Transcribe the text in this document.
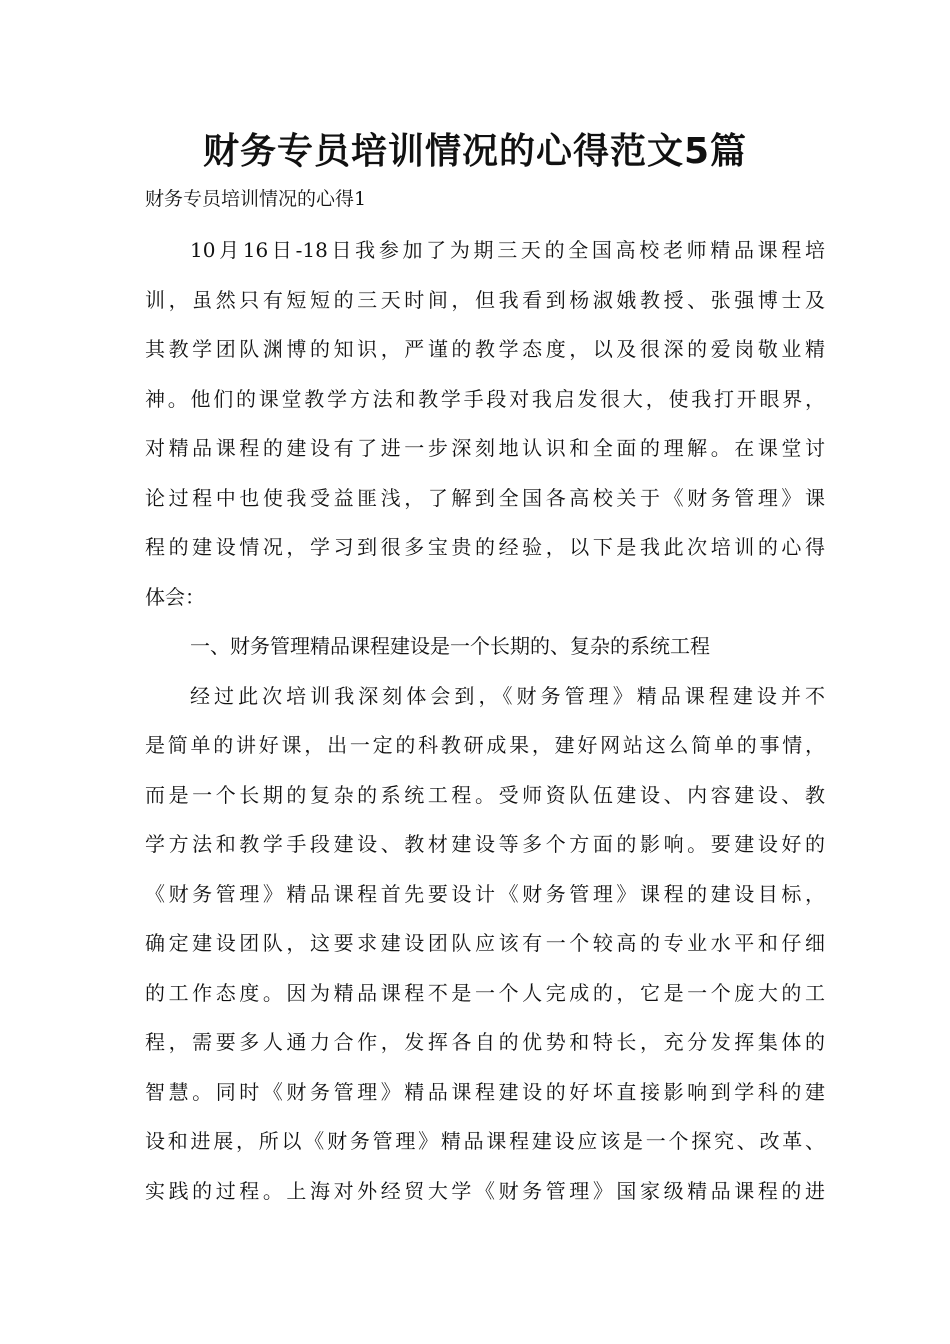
财务专员培训情况的心得范文5篇
财务专员培训情况的心得1
10月16日-18日我参加了为期三天的全国高校老师精品课程培
训，虽然只有短短的三天时间，但我看到杨淑娥教授、张强博士及
其教学团队渊博的知识，严谨的教学态度，以及很深的爱岗敬业精
神。他们的课堂教学方法和教学手段对我启发很大，使我打开眼界，
对精品课程的建设有了进一步深刻地认识和全面的理解。在课堂讨
论过程中也使我受益匪浅，了解到全国各高校关于《财务管理》课
程的建设情况，学习到很多宝贵的经验，以下是我此次培训的心得
体会：
一、财务管理精品课程建设是一个长期的、复杂的系统工程
经过此次培训我深刻体会到，《财务管理》精品课程建设并不
是简单的讲好课，出一定的科教研成果，建好网站这么简单的事情，
而是一个长期的复杂的系统工程。受师资队伍建设、内容建设、教
学方法和教学手段建设、教材建设等多个方面的影响。要建设好的
《财务管理》精品课程首先要设计《财务管理》课程的建设目标，
确定建设团队，这要求建设团队应该有一个较高的专业水平和仔细
的工作态度。因为精品课程不是一个人完成的，它是一个庞大的工
程，需要多人通力合作，发挥各自的优势和特长，充分发挥集体的
智慧。同时《财务管理》精品课程建设的好坏直接影响到学科的建
设和进展，所以《财务管理》精品课程建设应该是一个探究、改革、
实践的过程。上海对外经贸大学《财务管理》国家级精品课程的进
